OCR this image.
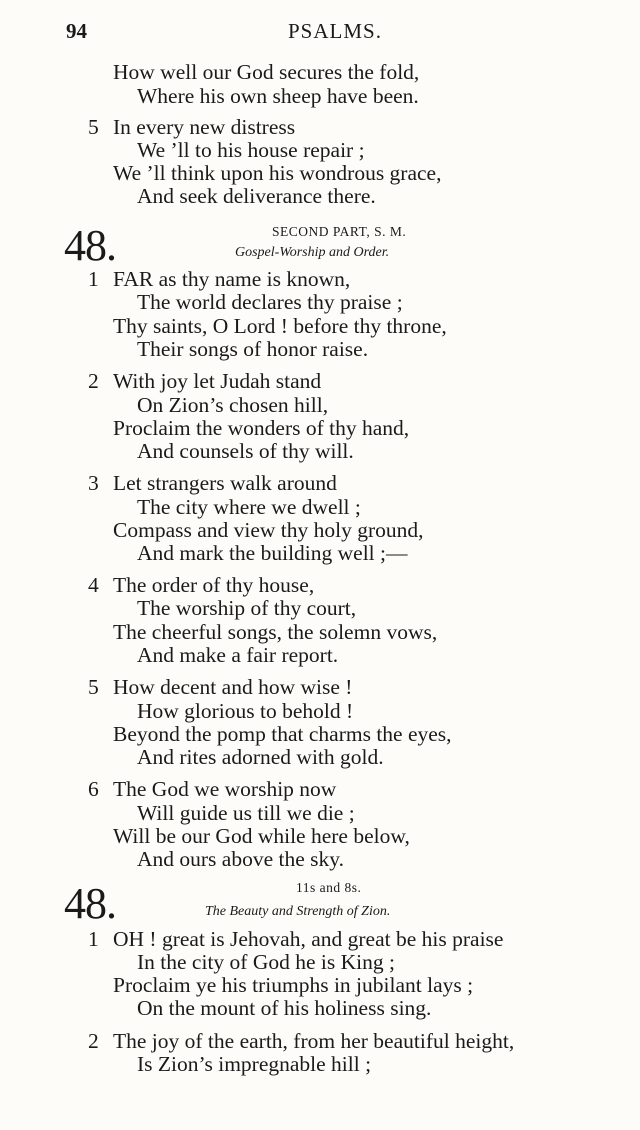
94	PSALMS.
How well our God secures the fold,
Where his own sheep have been.
5 In every new distress
We ’ll to his house repair ;
We ’ll think upon his wondrous grace,
And seek deliverance there.
48.	SECOND PART, S. M.
Gospel-Worship and Order.
1 FAR as thy name is known,
The world declares thy praise ;
Thy saints, O Lord ! before thy throne,
Their songs of honor raise.
2 With joy let Judah stand
On Zion’s chosen hill,
Proclaim the wonders of thy hand,
And counsels of thy will.
3 Let strangers walk around
The city where we dwell ;
Compass and view thy holy ground,
And mark the building well ;—
4 The order of thy house,
The worship of thy court,
The cheerful songs, the solemn vows,
And make a fair report.
5 How decent and how wise !
How glorious to behold !
Beyond the pomp that charms the eyes,
And rites adorned with gold.
6 The God we worship now
Will guide us till we die ;
Will be our God while here below,
And ours above the sky.
48.	11s and 8s.
The Beauty and Strength of Zion.
1 OH ! great is Jehovah, and great be his praise
In the city of God he is King ;
Proclaim ye his triumphs in jubilant lays ;
On the mount of his holiness sing.
2 The joy of the earth, from her beautiful height,
Is Zion’s impregnable hill ;
